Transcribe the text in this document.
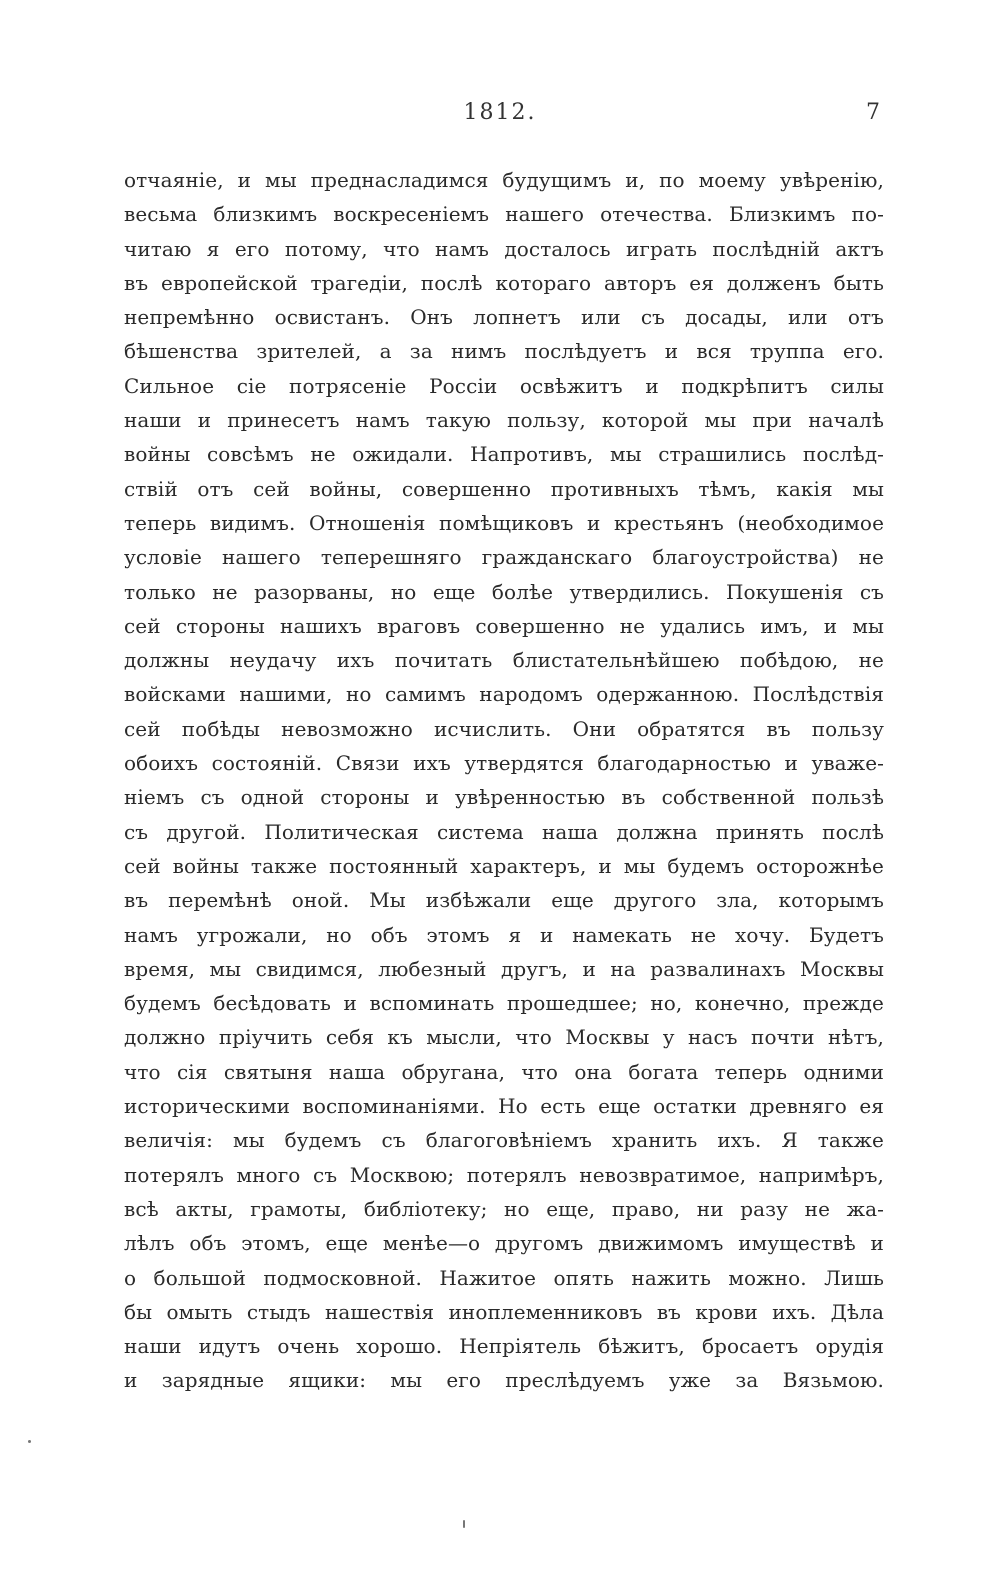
1812.	7
отчаяніе, и мы преднасладимся будущимъ и, по моему увѣренію,
весьма близкимъ воскресеніемъ нашего отечества. Близкимъ по-
читаю я его потому, что намъ досталось играть послѣдній актъ
въ европейской трагедіи, послѣ котораго авторъ ея долженъ быть
непремѣнно освистанъ. Онъ лопнетъ или съ досады, или отъ
бѣшенства зрителей, а за нимъ послѣдуетъ и вся труппа его.
Сильное сіе потрясеніе Россіи освѣжитъ и подкрѣпитъ силы
наши и принесетъ намъ такую пользу, которой мы при началѣ
войны совсѣмъ не ожидали. Напротивъ, мы страшились послѣд-
ствій отъ сей войны, совершенно противныхъ тѣмъ, какія мы
теперь видимъ. Отношенія помѣщиковъ и крестьянъ (необходимое
условіе нашего теперешняго гражданскаго благоустройства) не
только не разорваны, но еще болѣе утвердились. Покушенія съ
сей стороны нашихъ враговъ совершенно не удались имъ, и мы
должны неудачу ихъ почитать блистательнѣйшею побѣдою, не
войсками нашими, но самимъ народомъ одержанною. Послѣдствія
сей побѣды невозможно исчислить. Они обратятся въ пользу
обоихъ состояній. Связи ихъ утвердятся благодарностью и уваже-
ніемъ съ одной стороны и увѣренностью въ собственной пользѣ
съ другой. Политическая система наша должна принять послѣ
сей войны также постоянный характеръ, и мы будемъ осторожнѣе
въ перемѣнѣ оной. Мы избѣжали еще другого зла, которымъ
намъ угрожали, но объ этомъ я и намекать не хочу. Будетъ
время, мы свидимся, любезный другъ, и на развалинахъ Москвы
будемъ бесѣдовать и вспоминать прошедшее; но, конечно, прежде
должно пріучить себя къ мысли, что Москвы у насъ почти нѣтъ,
что сія святыня наша обругана, что она богата теперь одними
историческими воспоминаніями. Но есть еще остатки древняго ея
величія: мы будемъ съ благоговѣніемъ хранить ихъ. Я также
потерялъ много съ Москвою; потерялъ невозвратимое, напримѣръ,
всѣ акты, грамоты, библіотеку; но еще, право, ни разу не жа-
лѣлъ объ этомъ, еще менѣе—о другомъ движимомъ имуществѣ и
о большой подмосковной. Нажитое опять нажить можно. Лишь
бы омыть стыдъ нашествія иноплеменниковъ въ крови ихъ. Дѣла
наши идутъ очень хорошо. Непріятель бѣжитъ, бросаетъ орудія
и зарядные ящики: мы его преслѣдуемъ уже за Вязьмою.
